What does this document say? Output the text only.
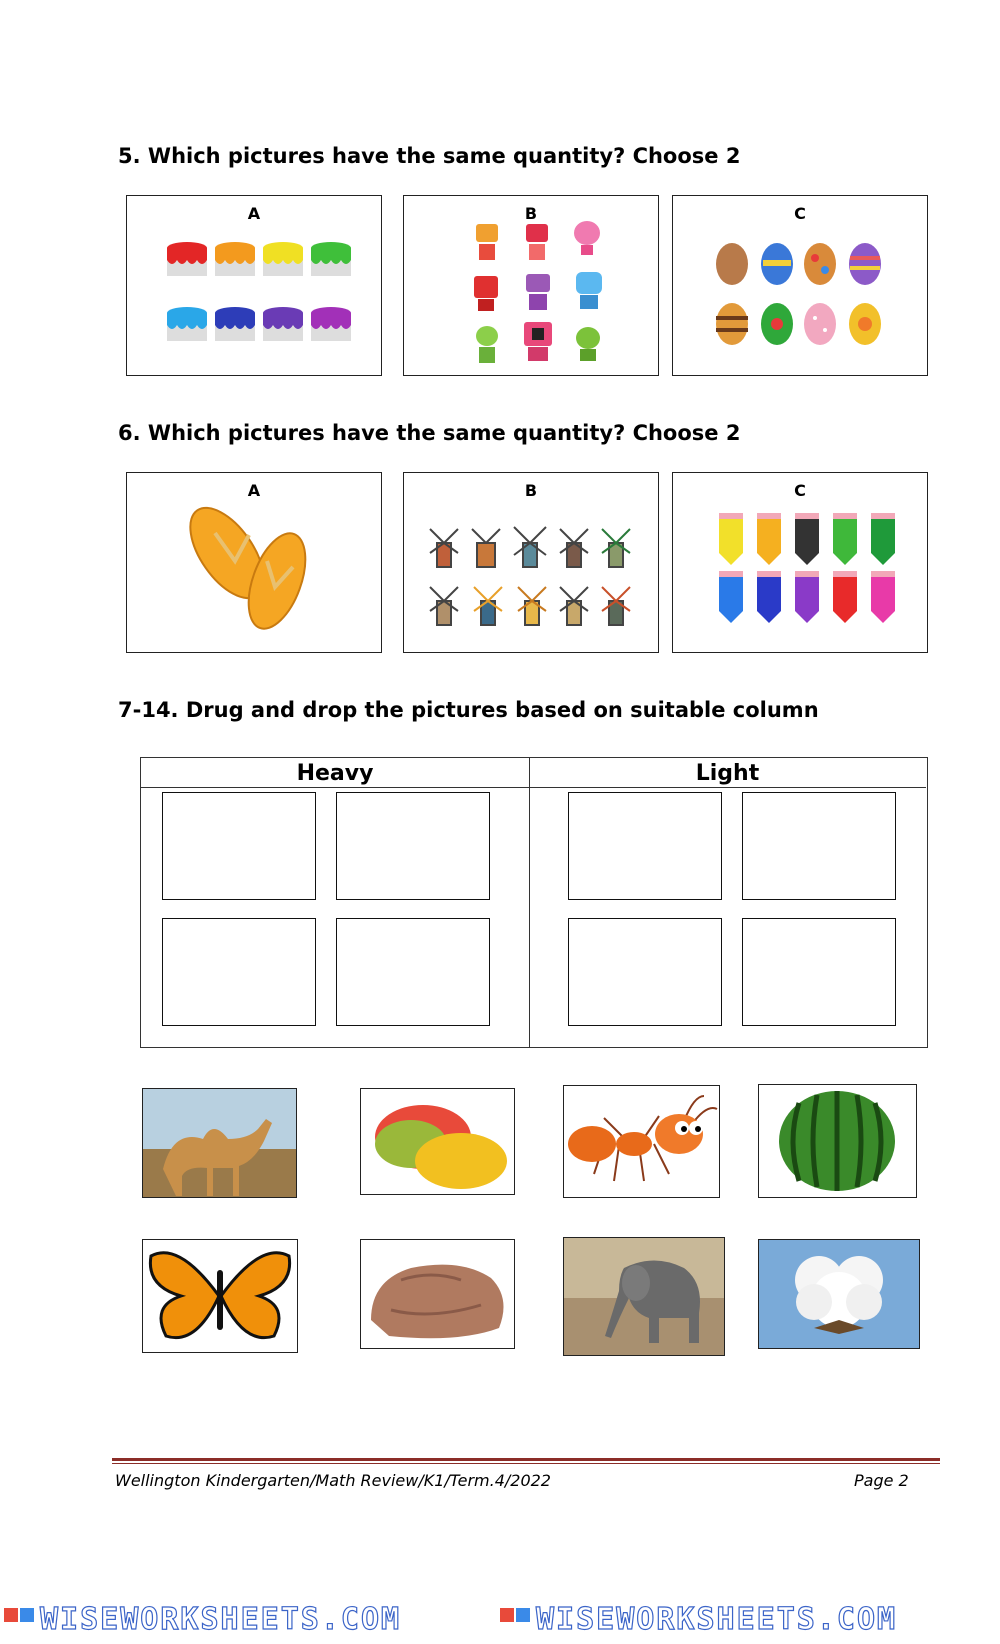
5. Which pictures have the same quantity? Choose 2
A	B	C
6. Which pictures have the same quantity? Choose 2
A	B	C
7-14. Drug and drop the pictures based on suitable column
Heavy	Light
Wellington Kindergarten/Math Review/K1/Term.4/2022	Page 2
WISEWORKSHEETS.COM	WISEWORKSHEETS.COM
